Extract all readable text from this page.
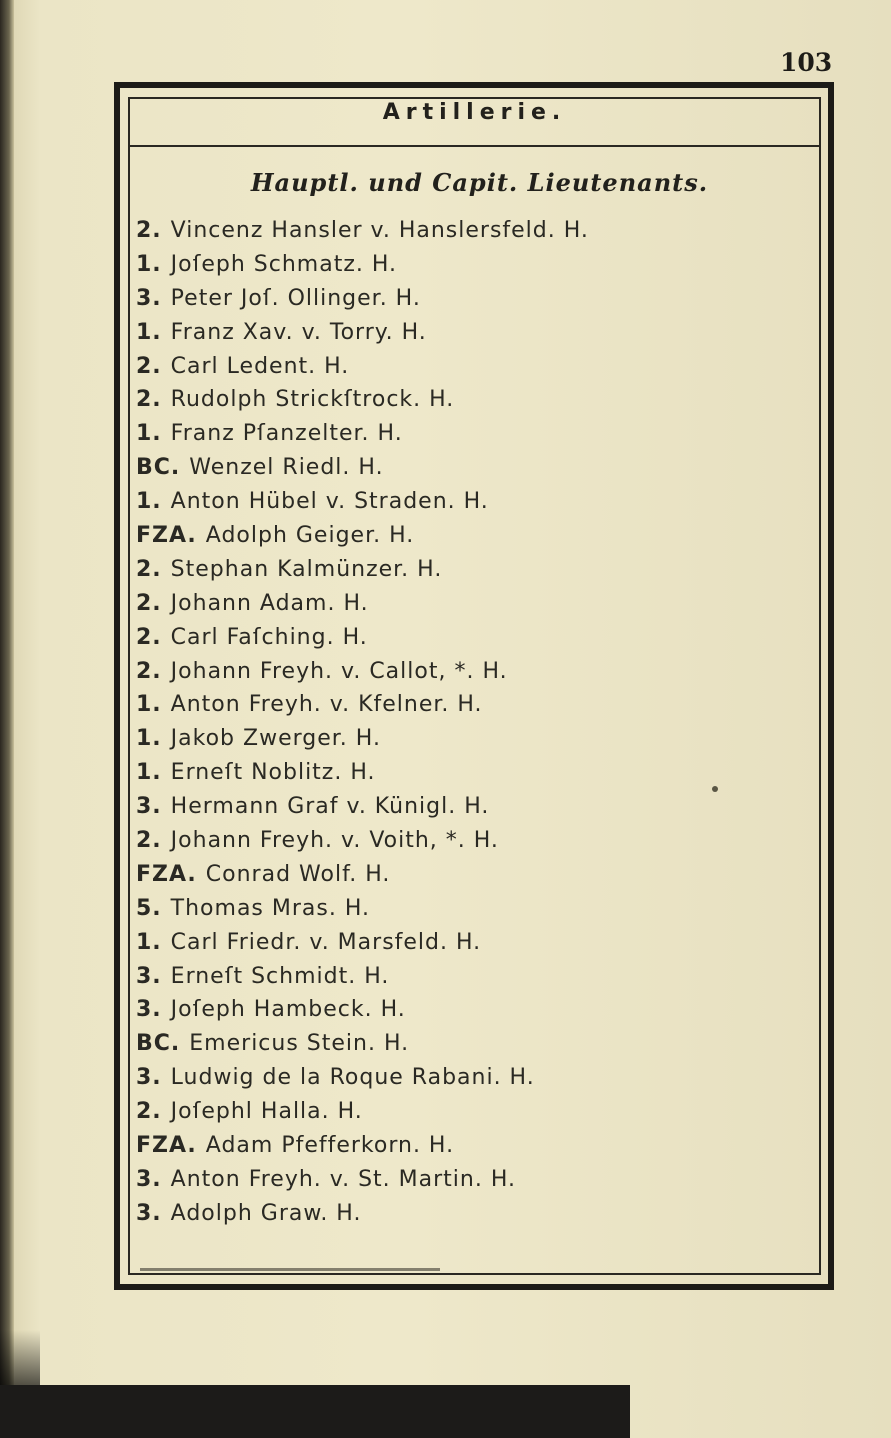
103
Artillerie.
Hauptl. und Capit. Lieutenants.
2. Vincenz Hansler v. Hanslersfeld. H.
1. Joſeph Schmatz. H.
3. Peter Joſ. Ollinger. H.
1. Franz Xav. v. Torry. H.
2. Carl Ledent. H.
2. Rudolph Strickſtrock. H.
1. Franz Pſanzelter. H.
BC. Wenzel Riedl. H.
1. Anton Hübel v. Straden. H.
FZA. Adolph Geiger. H.
2. Stephan Kalmünzer. H.
2. Johann Adam. H.
2. Carl Faſching. H.
2. Johann Freyh. v. Callot, *. H.
1. Anton Freyh. v. Kfelner. H.
1. Jakob Zwerger. H.
1. Erneſt Noblitz. H.
3. Hermann Graf v. Künigl. H.
2. Johann Freyh. v. Voith, *. H.
FZA. Conrad Wolf. H.
5. Thomas Mras. H.
1. Carl Friedr. v. Marsfeld. H.
3. Erneſt Schmidt. H.
3. Joſeph Hambeck. H.
BC. Emericus Stein. H.
3. Ludwig de la Roque Rabani. H.
2. Joſephl Halla. H.
FZA. Adam Pfefferkorn. H.
3. Anton Freyh. v. St. Martin. H.
3. Adolph Graw. H.
